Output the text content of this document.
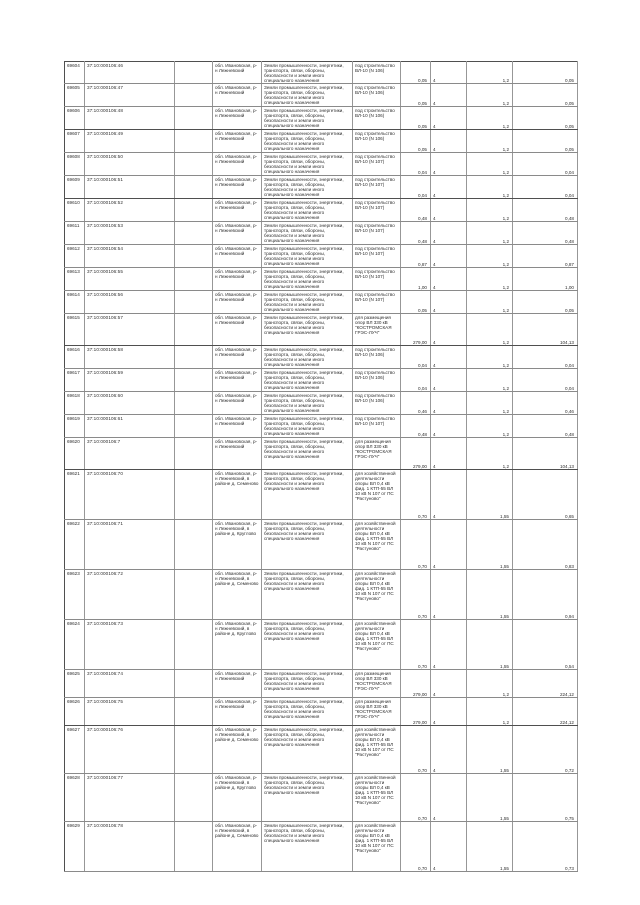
69604	37:10:000106:46		обл. Ивановская, р-н Лежневский	Земли промышленности, энергетики, транспорта, связи, обороны, безопасности и земли иного специального назначения	под строительство ВЛ-10 (N 106)	0,05	4	1,2	0,05
69605	37:10:000106:47		обл. Ивановская, р-н Лежневский	Земли промышленности, энергетики, транспорта, связи, обороны, безопасности и земли иного специального назначения	под строительство ВЛ-10 (N 106)	0,05	4	1,2	0,05
69606	37:10:000106:48		обл. Ивановская, р-н Лежневский	Земли промышленности, энергетики, транспорта, связи, обороны, безопасности и земли иного специального назначения	под строительство ВЛ-10 (N 106)	0,05	4	1,2	0,05
69607	37:10:000106:49		обл. Ивановская, р-н Лежневский	Земли промышленности, энергетики, транспорта, связи, обороны, безопасности и земли иного специального назначения	под строительство ВЛ-10 (N 106)	0,05	4	1,2	0,05
69608	37:10:000106:50		обл. Ивановская, р-н Лежневский	Земли промышленности, энергетики, транспорта, связи, обороны, безопасности и земли иного специального назначения	под строительство ВЛ-10 (N 107)	0,04	4	1,2	0,04
69609	37:10:000106:51		обл. Ивановская, р-н Лежневский	Земли промышленности, энергетики, транспорта, связи, обороны, безопасности и земли иного специального назначения	под строительство ВЛ-10 (N 107)	0,04	4	1,2	0,04
69610	37:10:000106:52		обл. Ивановская, р-н Лежневский	Земли промышленности, энергетики, транспорта, связи, обороны, безопасности и земли иного специального назначения	под строительство ВЛ-10 (N 107)	0,48	4	1,2	0,48
69611	37:10:000106:53		обл. Ивановская, р-н Лежневский	Земли промышленности, энергетики, транспорта, связи, обороны, безопасности и земли иного специального назначения	под строительство ВЛ-10 (N 107)	0,48	4	1,2	0,48
69612	37:10:000106:54		обл. Ивановская, р-н Лежневский	Земли промышленности, энергетики, транспорта, связи, обороны, безопасности и земли иного специального назначения	под строительство ВЛ-10 (N 107)	0,87	4	1,2	0,87
69613	37:10:000106:55		обл. Ивановская, р-н Лежневский	Земли промышленности, энергетики, транспорта, связи, обороны, безопасности и земли иного специального назначения	под строительство ВЛ-10 (N 107)	1,00	4	1,2	1,00
69614	37:10:000106:56		обл. Ивановская, р-н Лежневский	Земли промышленности, энергетики, транспорта, связи, обороны, безопасности и земли иного специального назначения	под строительство ВЛ-10 (N 107)	0,05	4	1,2	0,05
69615	37:10:000106:57		обл. Ивановская, р-н Лежневский	Земли промышленности, энергетики, транспорта, связи, обороны, безопасности и земли иного специального назначения	для размещения опор ВЛ 330 кВ "КОСТРОМСКАЯ ГРЭС-ЛУЧ"	279,00	4	1,2	104,13
69616	37:10:000106:58		обл. Ивановская, р-н Лежневский	Земли промышленности, энергетики, транспорта, связи, обороны, безопасности и земли иного специального назначения	под строительство ВЛ-10 (N 106)	0,04	4	1,2	0,04
69617	37:10:000106:59		обл. Ивановская, р-н Лежневский	Земли промышленности, энергетики, транспорта, связи, обороны, безопасности и земли иного специального назначения	под строительство ВЛ-10 (N 106)	0,04	4	1,2	0,04
69618	37:10:000106:60		обл. Ивановская, р-н Лежневский	Земли промышленности, энергетики, транспорта, связи, обороны, безопасности и земли иного специального назначения	под строительство ВЛ-10 (N 106)	0,46	4	1,2	0,46
69619	37:10:000106:61		обл. Ивановская, р-н Лежневский	Земли промышленности, энергетики, транспорта, связи, обороны, безопасности и земли иного специального назначения	под строительство ВЛ-10 (N 107)	0,48	4	1,2	0,48
69620	37:10:000106:7		обл. Ивановская, р-н Лежневский	Земли промышленности, энергетики, транспорта, связи, обороны, безопасности и земли иного специального назначения	для размещения опор ВЛ 330 кВ "КОСТРОМСКАЯ ГРЭС-ЛУЧ"	279,00	4	1,2	104,13
69621	37:10:000106:70		обл. Ивановская, р-н Лежневский, в районе д. Семеново	Земли промышленности, энергетики, транспорта, связи, обороны, безопасности и земли иного специального назначения	для хозяйственной деятельности опоры ВЛ 0,4 кВ фид. 1 КТП-55 ВЛ 10 кВ N 107 от ПС "Растуново"	0,70	4	1,55	0,65
69622	37:10:000106:71		обл. Ивановская, р-н Лежневский, в районе д. Круглово	Земли промышленности, энергетики, транспорта, связи, обороны, безопасности и земли иного специального назначения	для хозяйственной деятельности опоры ВЛ 0,4 кВ фид. 1 КТП-55 ВЛ 10 кВ N 107 от ПС "Растуново"	0,70	4	1,55	0,83
69623	37:10:000106:72		обл. Ивановская, р-н Лежневский, в районе д. Семеново	Земли промышленности, энергетики, транспорта, связи, обороны, безопасности и земли иного специального назначения	для хозяйственной деятельности опоры ВЛ 0,4 кВ фид. 1 КТП-55 ВЛ 10 кВ N 107 от ПС "Растуново"	0,70	4	1,55	0,94
69624	37:10:000106:73		обл. Ивановская, р-н Лежневский, в районе д. Круглово	Земли промышленности, энергетики, транспорта, связи, обороны, безопасности и земли иного специального назначения	для хозяйственной деятельности опоры ВЛ 0,4 кВ фид. 1 КТП-55 ВЛ 10 кВ N 107 от ПС "Растуново"	0,70	4	1,55	0,54
69625	37:10:000106:74		обл. Ивановская, р-н Лежневский	Земли промышленности, энергетики, транспорта, связи, обороны, безопасности и земли иного специального назначения	для размещения опор ВЛ 330 кВ "КОСТРОМСКАЯ ГРЭС-ЛУЧ"	279,00	4	1,2	224,12
69626	37:10:000106:75		обл. Ивановская, р-н Лежневский	Земли промышленности, энергетики, транспорта, связи, обороны, безопасности и земли иного специального назначения	для размещения опор ВЛ 330 кВ "КОСТРОМСКАЯ ГРЭС-ЛУЧ"	279,00	4	1,2	224,12
69627	37:10:000106:76		обл. Ивановская, р-н Лежневский, в районе д. Семеново	Земли промышленности, энергетики, транспорта, связи, обороны, безопасности и земли иного специального назначения	для хозяйственной деятельности опоры ВЛ 0,4 кВ фид. 1 КТП-55 ВЛ 10 кВ N 107 от ПС "Растуново"	0,70	4	1,55	0,72
69628	37:10:000106:77		обл. Ивановская, р-н Лежневский, в районе д. Круглово	Земли промышленности, энергетики, транспорта, связи, обороны, безопасности и земли иного специального назначения	для хозяйственной деятельности опоры ВЛ 0,4 кВ фид. 1 КТП-55 ВЛ 10 кВ N 107 от ПС "Растуново"	0,70	4	1,55	0,75
69629	37:10:000106:78		обл. Ивановская, р-н Лежневский, в районе д. Семеново	Земли промышленности, энергетики, транспорта, связи, обороны, безопасности и земли иного специального назначения	для хозяйственной деятельности опоры ВЛ 0,4 кВ фид. 1 КТП-55 ВЛ 10 кВ N 107 от ПС "Растуново"	0,70	4	1,55	0,73
